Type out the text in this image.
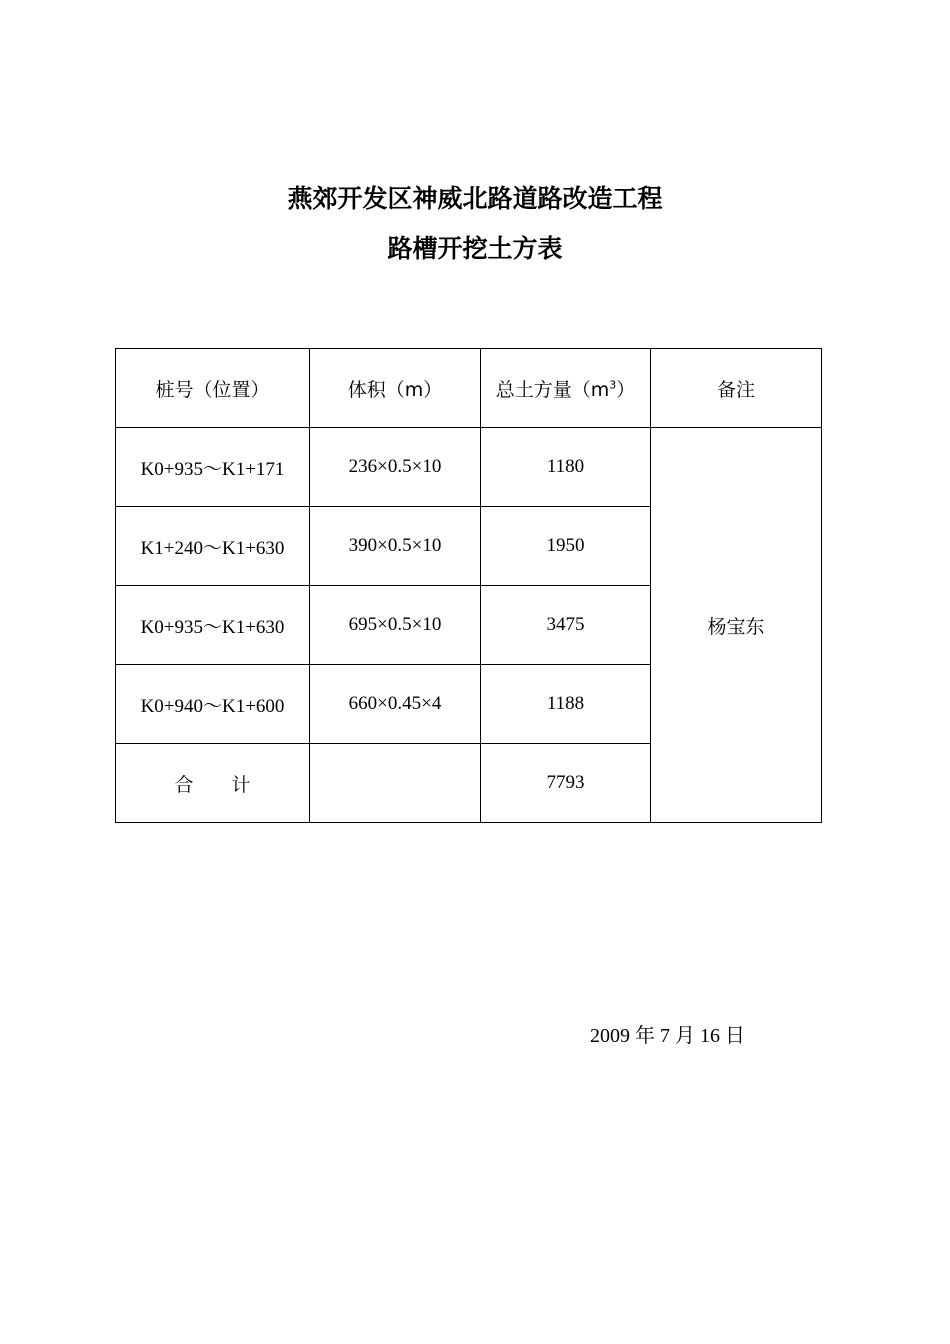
燕郊开发区神威北路道路改造工程
路槽开挖土方表
桩号（位置）	体积（m）	总土方量$(m^3)$	备注
K0+935～K1+171	236×0.5×10	1180	杨宝东
K1+240～K1+630	390×0.5×10	1950	
K0+935～K1+630	695×0.5×10	3475	
K0+940～K1+600	660×0.45×4	1188	
合　　计		7793	
2009 年 7 月 16 日
